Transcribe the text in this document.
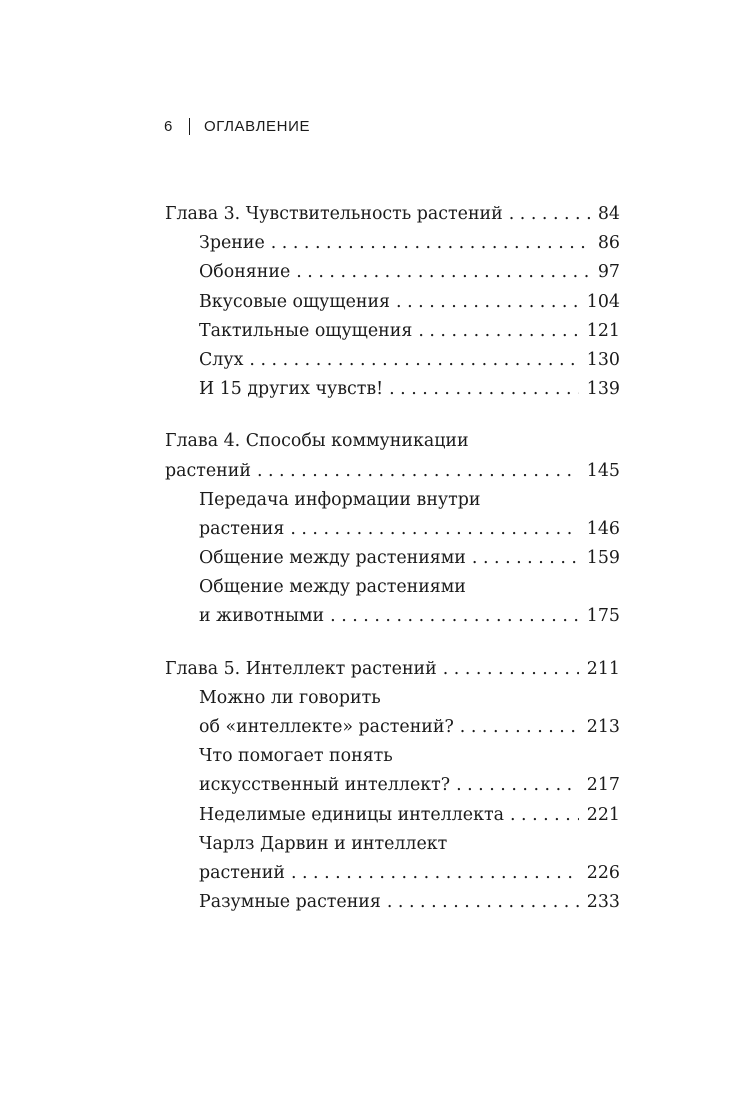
6 ОГЛАВЛЕНИЕ
Глава 3. Чувствительность растений . . .	84
Зрение . . .	86
Обоняние . . .	97
Вкусовые ощущения . . .	104
Тактильные ощущения . . .	121
Слух . . .	130
И 15 других чувств! . . .	139
Глава 4. Способы коммуникации
растений . . .	145
Передача информации внутри
растения . . .	146
Общение между растениями . . .	159
Общение между растениями
и животными . . .	175
Глава 5. Интеллект растений . . .	211
Можно ли говорить
об «интеллекте» растений? . . .	213
Что помогает понять
искусственный интеллект? . . .	217
Неделимые единицы интеллекта . . .	221
Чарлз Дарвин и интеллект
растений . . .	226
Разумные растения . . .	233
